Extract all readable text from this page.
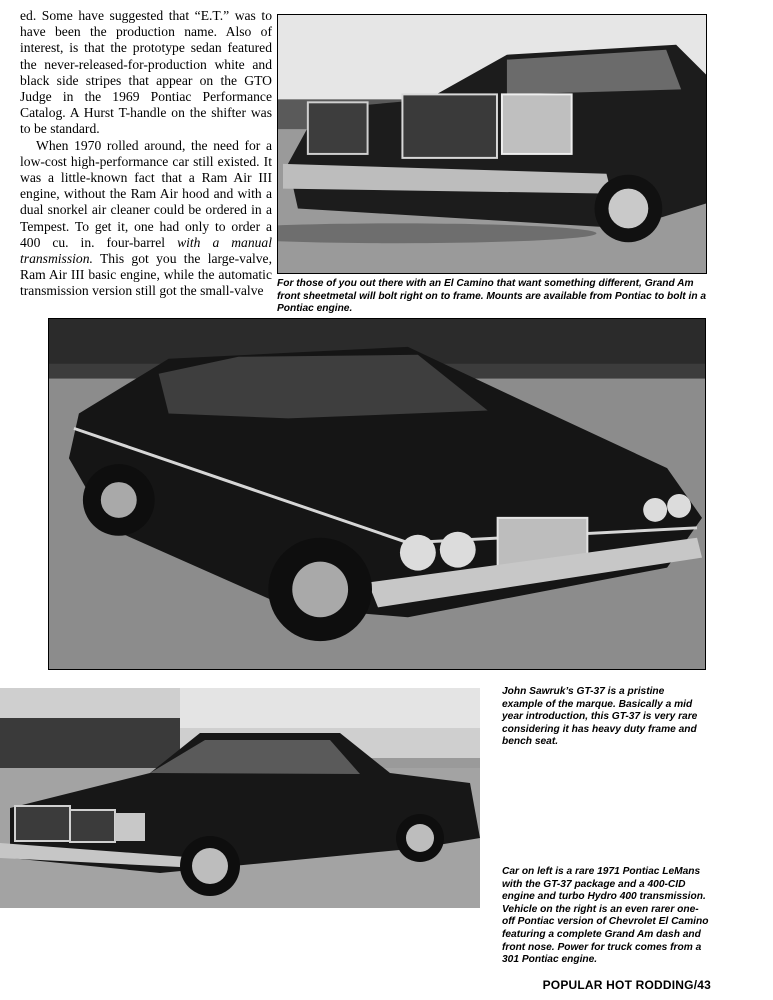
ed. Some have suggested that “E.T.” was to have been the production name. Also of interest, is that the prototype sedan featured the never-released-for-production white and black side stripes that appear on the GTO Judge in the 1969 Pontiac Performance Catalog. A Hurst T-handle on the shifter was to be standard.

When 1970 rolled around, the need for a low-cost high-performance car still existed. It was a little-known fact that a Ram Air III engine, without the Ram Air hood and with a dual snorkel air cleaner could be ordered in a Tempest. To get it, one had only to order a 400 cu. in. four-barrel with a manual transmission. This got you the large-valve, Ram Air III basic engine, while the automatic transmission version still got the small-valve	For those of you out there with an El Camino that want something different, Grand Am front sheetmetal will bolt right on to frame. Mounts are available from Pontiac to bolt in a Pontiac engine.
John Sawruk’s GT-37 is a pristine example of the marque. Basically a mid year introduction, this GT-37 is very rare considering it has heavy duty frame and bench seat.
Car on left is a rare 1971 Pontiac LeMans with the GT-37 package and a 400-CID engine and turbo Hydro 400 transmission. Vehicle on the right is an even rarer one-off Pontiac version of Chevrolet El Camino featuring a complete Grand Am dash and front nose. Power for truck comes from a 301 Pontiac engine.
POPULAR HOT RODDING/43
